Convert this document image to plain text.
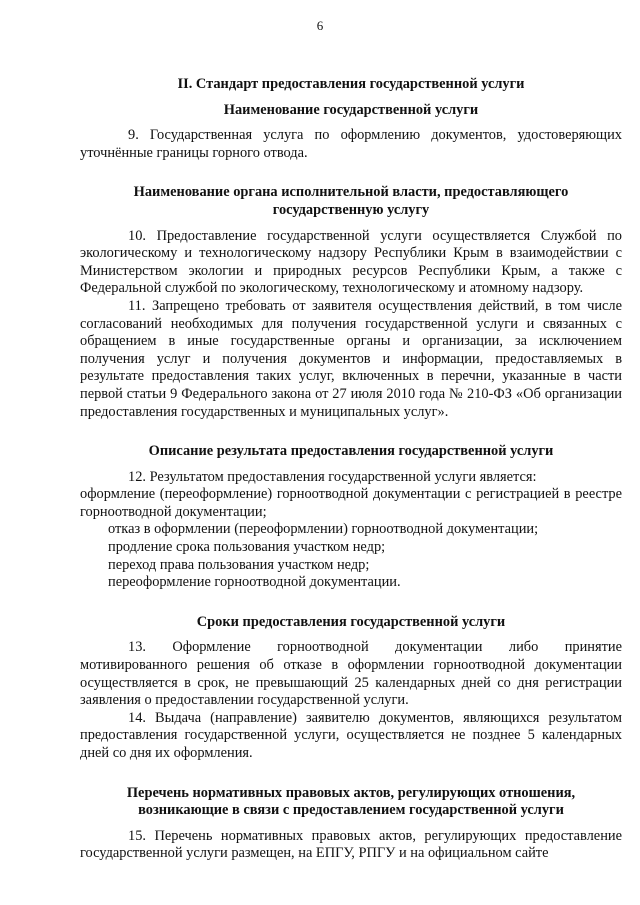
6
II. Стандарт предоставления государственной услуги
Наименование государственной услуги

9. Государственная услуга по оформлению документов, удостоверяющих уточнённые границы горного отвода.

Наименование органа исполнительной власти, предоставляющего
государственную услугу

10. Предоставление государственной услуги осуществляется Службой по экологическому и технологическому надзору Республики Крым в взаимодействии с Министерством экологии и природных ресурсов Республики Крым, а также с Федеральной службой по экологическому, технологическому и атомному надзору.

11. Запрещено требовать от заявителя осуществления действий, в том числе согласований необходимых для получения государственной услуги и связанных с обращением в иные государственные органы и организации, за исключением получения услуг и получения документов и информации, предоставляемых в результате предоставления таких услуг, включенных в перечни, указанные в части первой статьи 9 Федерального закона от 27 июля 2010 года № 210-ФЗ «Об организации предоставления государственных и муниципальных услуг».

Описание результата предоставления государственной услуги

12. Результатом предоставления государственной услуги является:

оформление (переоформление) горноотводной документации с регистрацией в реестре горноотводной документации;

отказ в оформлении (переоформлении) горноотводной документации;

продление срока пользования участком недр;

переход права пользования участком недр;

переоформление горноотводной документации.

Сроки предоставления государственной услуги

13. Оформление горноотводной документации либо принятие

мотивированного решения об отказе в оформлении горноотводной документации осуществляется в срок, не превышающий 25 календарных дней со дня регистрации заявления о предоставлении государственной услуги.

14. Выдача (направление) заявителю документов, являющихся результатом предоставления государственной услуги, осуществляется не позднее 5 календарных дней со дня их оформления.

Перечень нормативных правовых актов, регулирующих отношения,
возникающие в связи с предоставлением государственной услуги

15. Перечень нормативных правовых актов, регулирующих предоставление государственной услуги размещен, на ЕПГУ, РПГУ и на официальном сайте
